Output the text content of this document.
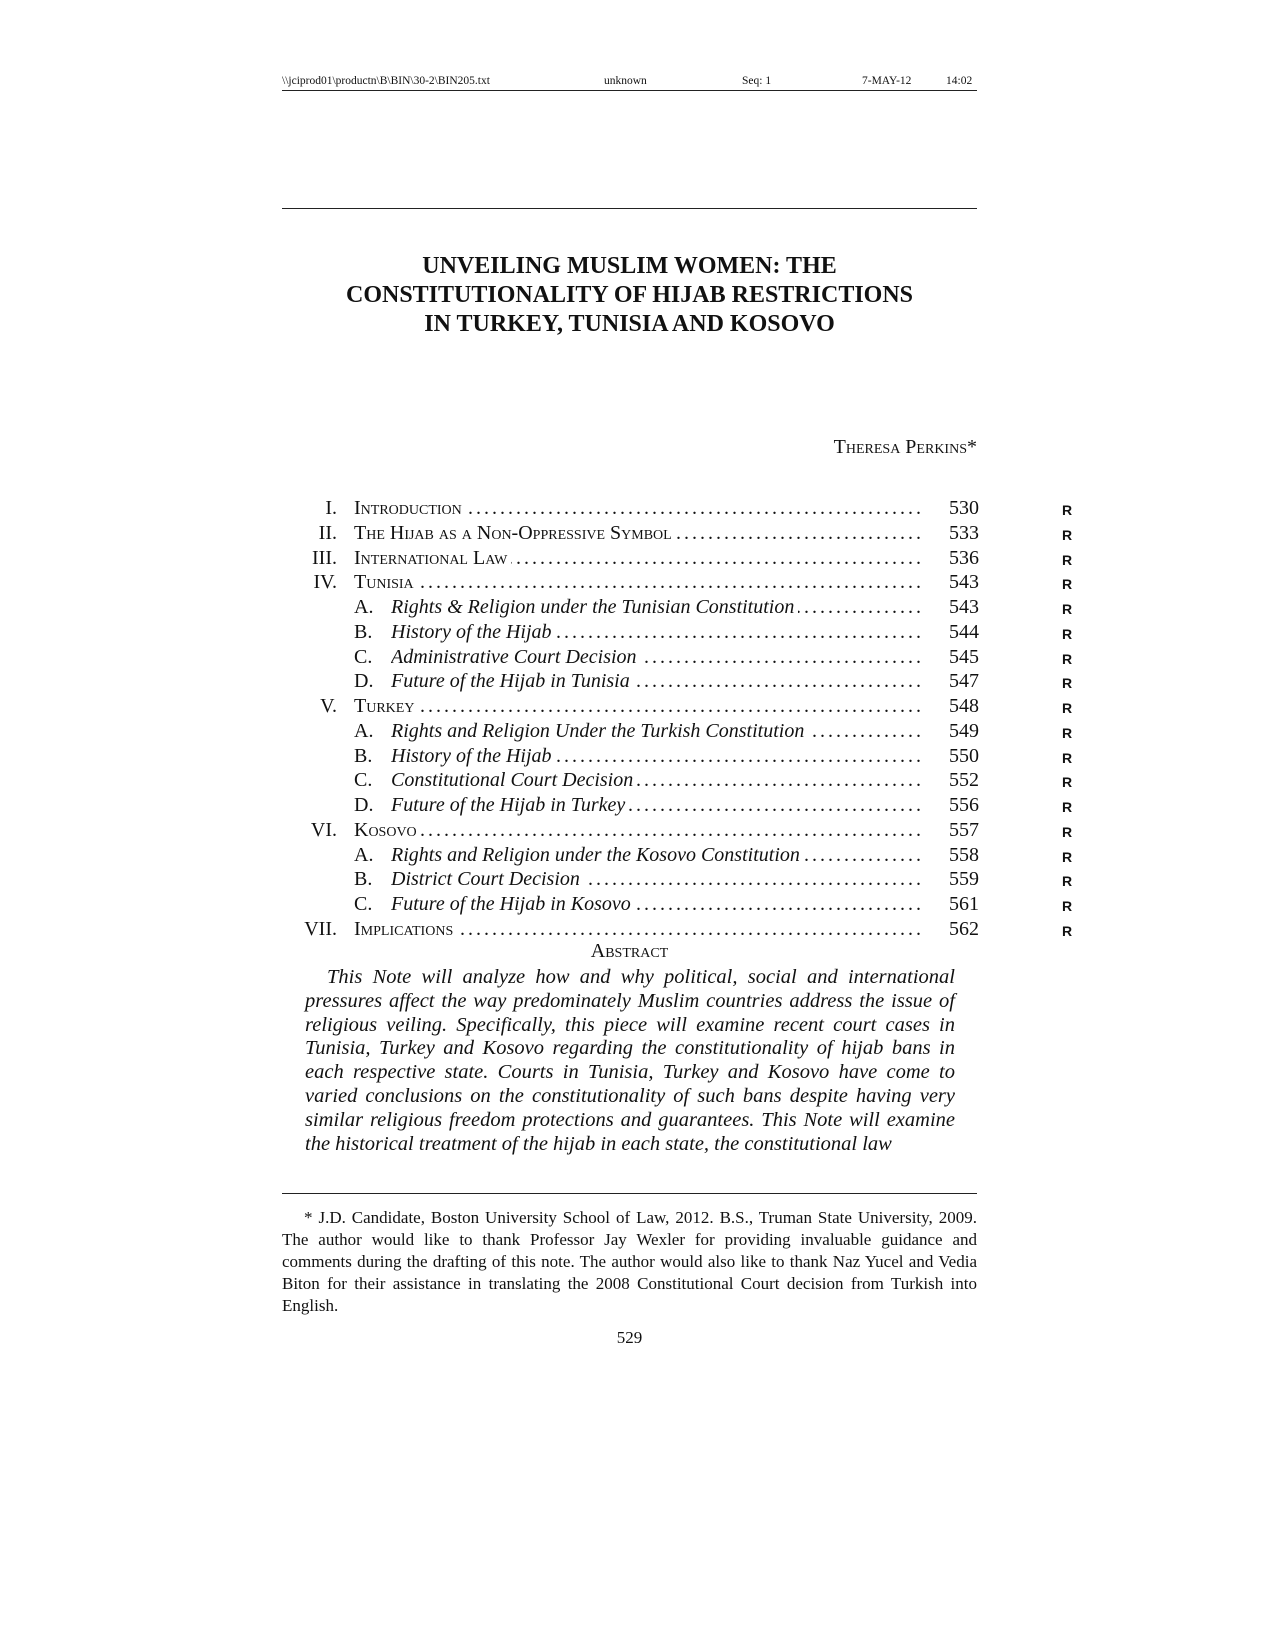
\\jciprod01\productn\B\BIN\30-2\BIN205.txt	unknown	Seq: 1	7-MAY-12	14:02
UNVEILING MUSLIM WOMEN: THE
CONSTITUTIONALITY OF HIJAB RESTRICTIONS
IN TURKEY, TUNISIA AND KOSOVO
Theresa Perkins*
I. Introduction . . .	530	R
II. The Hijab as a Non-Oppressive Symbol . . .	533	R
III. International Law . . .	536	R
IV. Tunisia . . .	543	R
A. Rights & Religion under the Tunisian Constitution . . .	543	R
B. History of the Hijab . . .	544	R
C. Administrative Court Decision . . .	545	R
D. Future of the Hijab in Tunisia . . .	547	R
V. Turkey . . .	548	R
A. Rights and Religion Under the Turkish Constitution . . .	549	R
B. History of the Hijab . . .	550	R
C. Constitutional Court Decision . . .	552	R
D. Future of the Hijab in Turkey . . .	556	R
VI. Kosovo . . .	557	R
A. Rights and Religion under the Kosovo Constitution . . .	558	R
B. District Court Decision . . .	559	R
C. Future of the Hijab in Kosovo . . .	561	R
VII. Implications . . .	562	R
Abstract
This Note will analyze how and why political, social and international pressures affect the way predominately Muslim countries address the issue of religious veiling. Specifically, this piece will examine recent court cases in Tunisia, Turkey and Kosovo regarding the constitutionality of hijab bans in each respective state. Courts in Tunisia, Turkey and Kosovo have come to varied conclusions on the constitutionality of such bans despite having very similar religious freedom protections and guarantees. This Note will examine the historical treatment of the hijab in each state, the constitutional law
* J.D. Candidate, Boston University School of Law, 2012. B.S., Truman State University, 2009. The author would like to thank Professor Jay Wexler for providing invaluable guidance and comments during the drafting of this note. The author would also like to thank Naz Yucel and Vedia Biton for their assistance in translating the 2008 Constitutional Court decision from Turkish into English.
529
